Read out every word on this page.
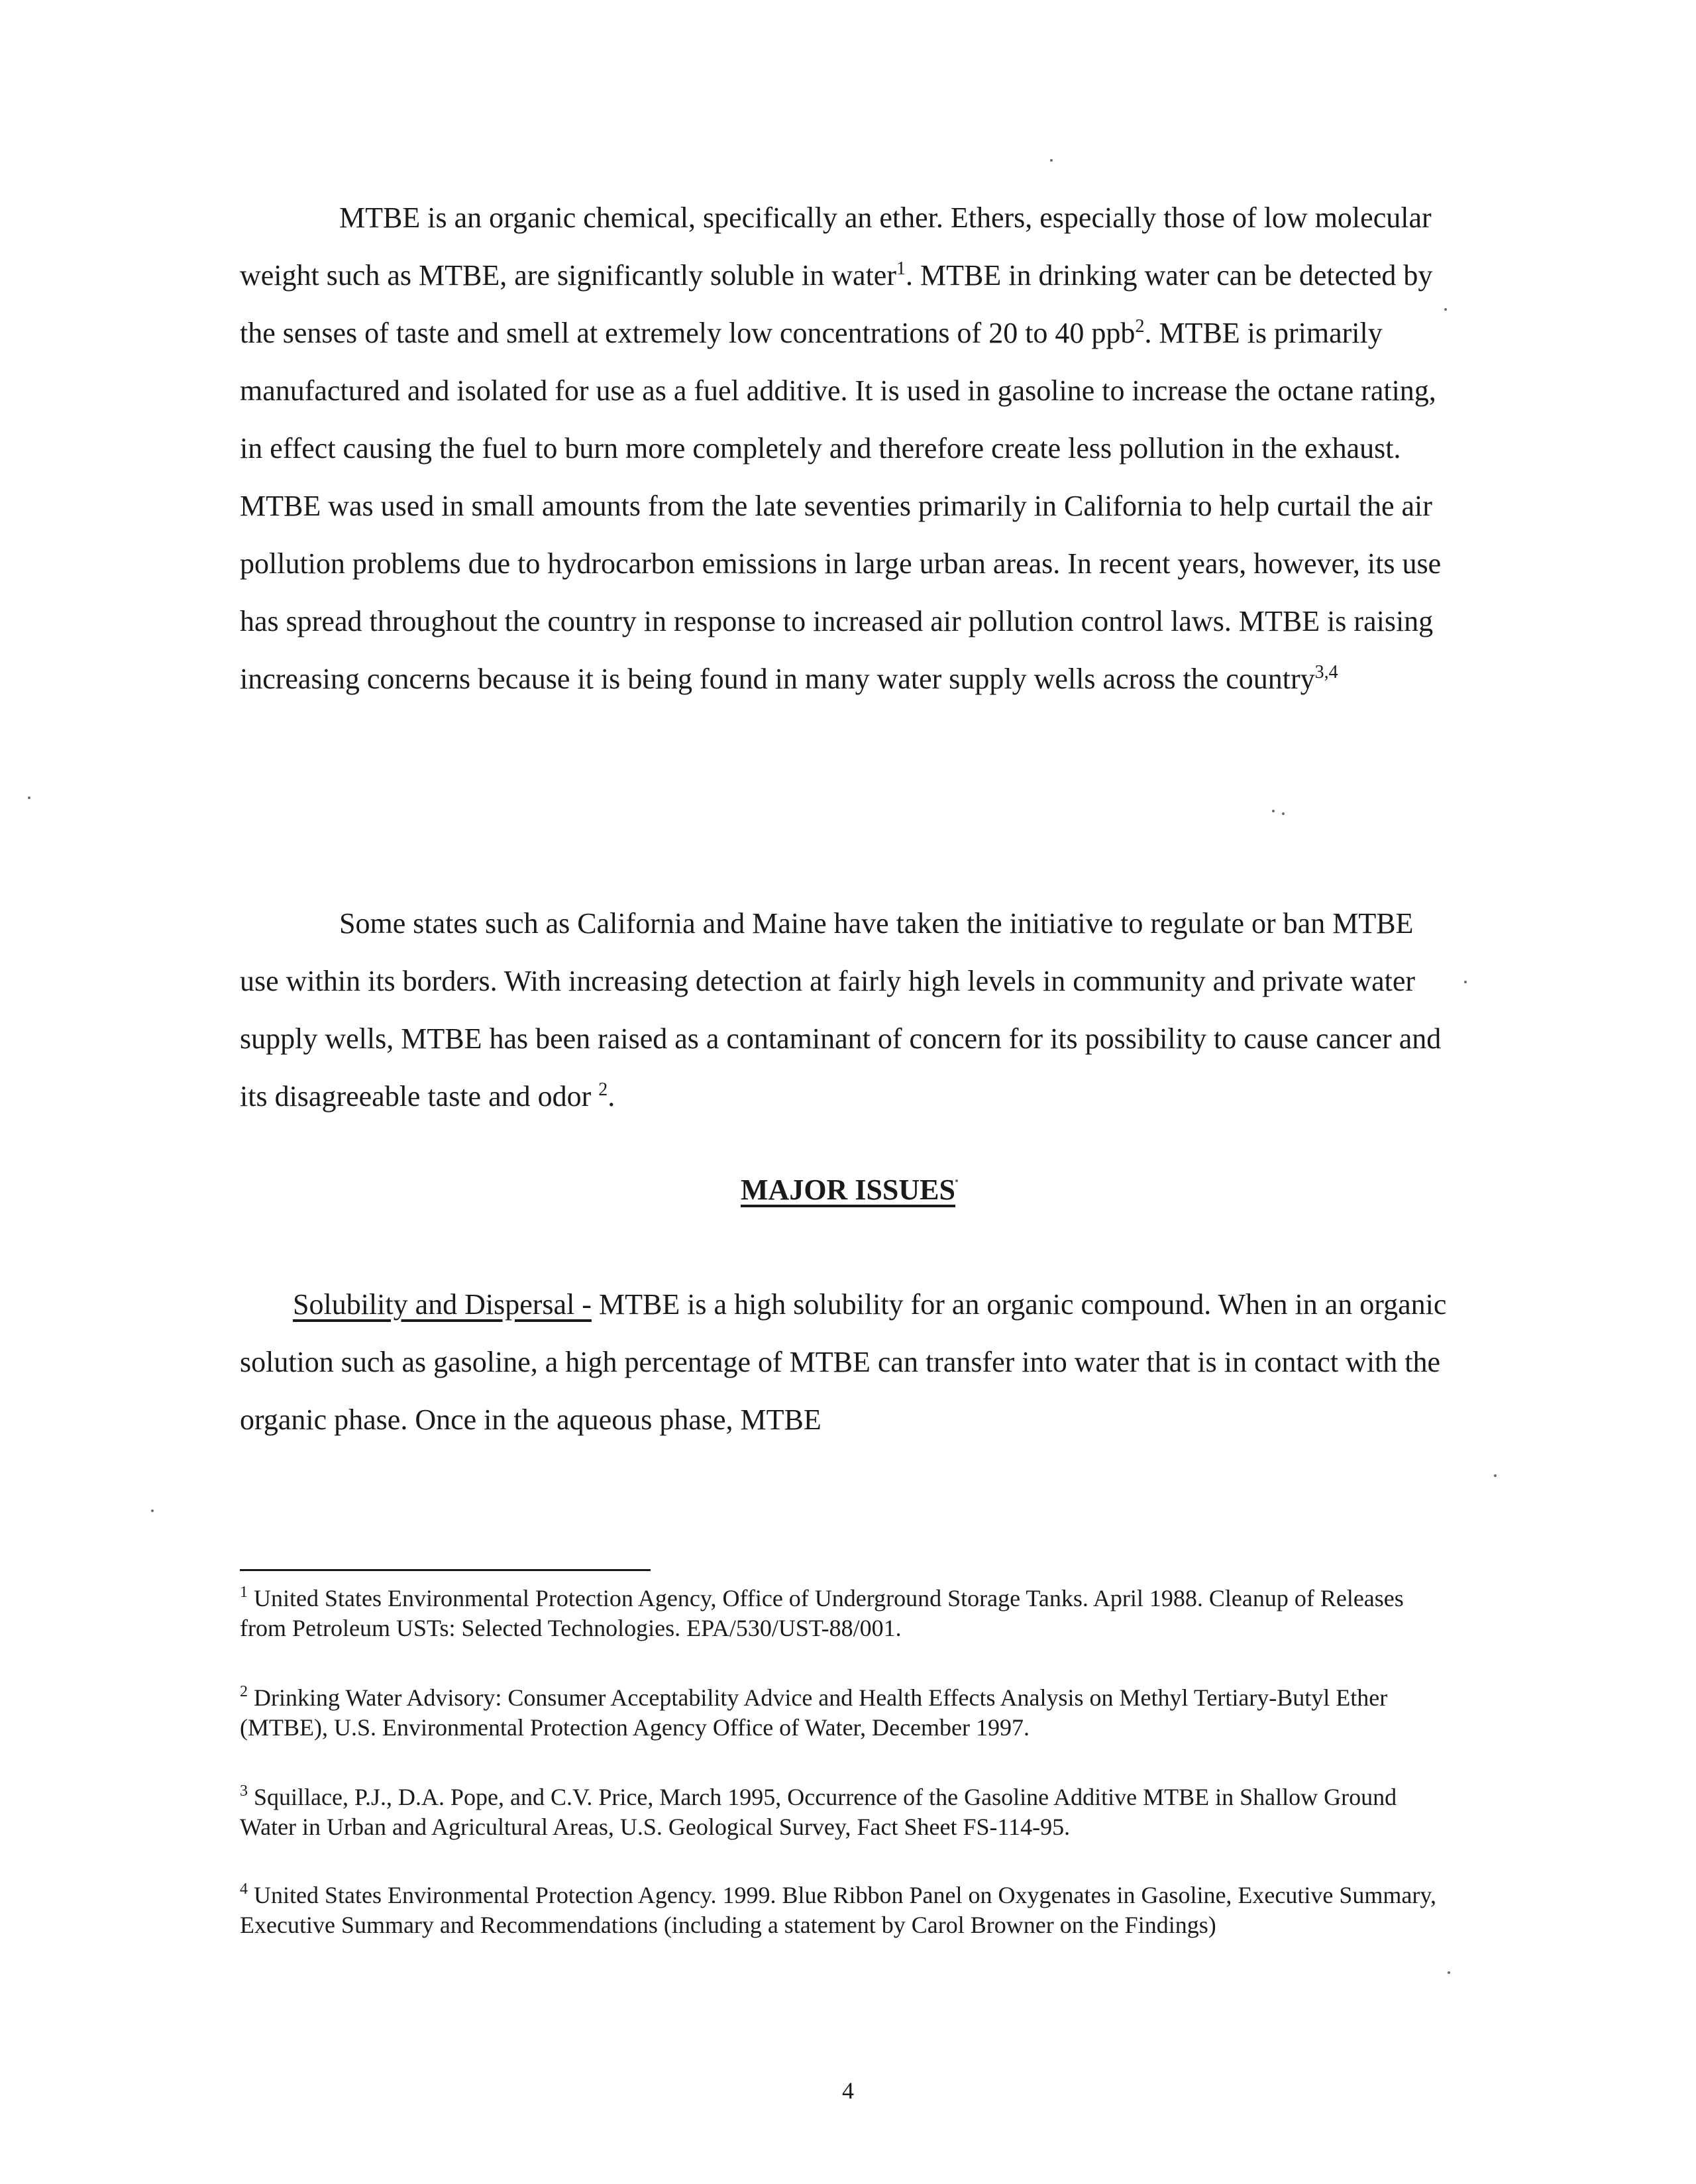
MTBE is an organic chemical, specifically an ether. Ethers, especially those of low molecular weight such as MTBE, are significantly soluble in water$^1$. MTBE in drinking water can be detected by the senses of taste and smell at extremely low concentrations of 20 to 40 ppb$^2$. MTBE is primarily manufactured and isolated for use as a fuel additive. It is used in gasoline to increase the octane rating, in effect causing the fuel to burn more completely and therefore create less pollution in the exhaust. MTBE was used in small amounts from the late seventies primarily in California to help curtail the air pollution problems due to hydrocarbon emissions in large urban areas. In recent years, however, its use has spread throughout the country in response to increased air pollution control laws. MTBE is raising increasing concerns because it is being found in many water supply wells across the country$^{3,4}$

Some states such as California and Maine have taken the initiative to regulate or ban MTBE use within its borders. With increasing detection at fairly high levels in community and private water supply wells, MTBE has been raised as a contaminant of concern for its possibility to cause cancer and its disagreeable taste and odor $^2$.

MAJOR ISSUES

Solubility and Dispersal - MTBE is a high solubility for an organic compound. When in an organic solution such as gasoline, a high percentage of MTBE can transfer into water that is in contact with the organic phase. Once in the aqueous phase, MTBE

$^1$ United States Environmental Protection Agency, Office of Underground Storage Tanks. April 1988. Cleanup of Releases from Petroleum USTs: Selected Technologies. EPA/530/UST-88/001.

$^2$ Drinking Water Advisory: Consumer Acceptability Advice and Health Effects Analysis on Methyl Tertiary-Butyl Ether (MTBE), U.S. Environmental Protection Agency Office of Water, December 1997.

$^3$ Squillace, P.J., D.A. Pope, and C.V. Price, March 1995, Occurrence of the Gasoline Additive MTBE in Shallow Ground Water in Urban and Agricultural Areas, U.S. Geological Survey, Fact Sheet FS-114-95.

$^4$ United States Environmental Protection Agency. 1999. Blue Ribbon Panel on Oxygenates in Gasoline, Executive Summary, Executive Summary and Recommendations (including a statement by Carol Browner on the Findings)

4
